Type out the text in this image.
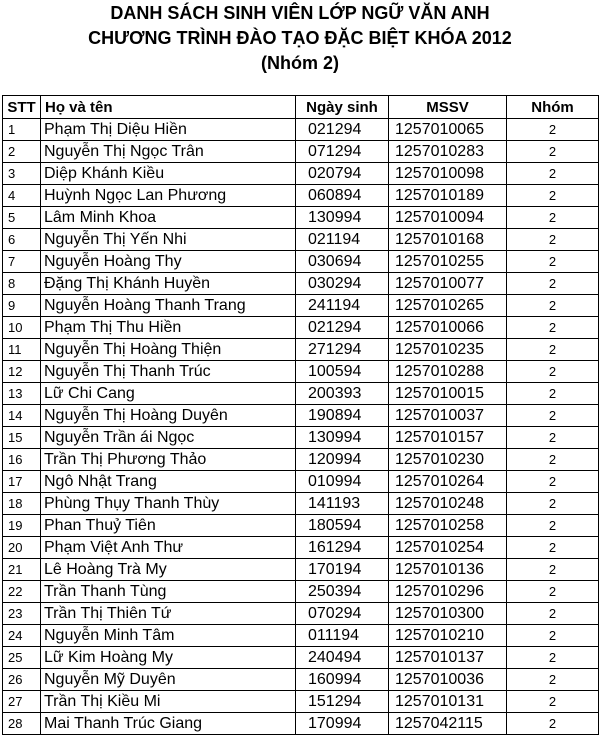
DANH SÁCH SINH VIÊN LỚP NGỮ VĂN ANH
CHƯƠNG TRÌNH ĐÀO TẠO ĐẶC BIỆT KHÓA 2012
(Nhóm 2)
STT	Họ và tên	Ngày sinh	MSSV	Nhóm
1	Phạm Thị Diệu Hiền	021294	1257010065	2
2	Nguyễn Thị Ngọc Trân	071294	1257010283	2
3	Diệp Khánh Kiều	020794	1257010098	2
4	Huỳnh Ngọc Lan Phương	060894	1257010189	2
5	Lâm Minh Khoa	130994	1257010094	2
6	Nguyễn Thị Yến Nhi	021194	1257010168	2
7	Nguyễn Hoàng Thy	030694	1257010255	2
8	Đặng Thị Khánh Huyền	030294	1257010077	2
9	Nguyễn Hoàng Thanh Trang	241194	1257010265	2
10	Phạm Thị Thu Hiền	021294	1257010066	2
11	Nguyễn Thị Hoàng Thiện	271294	1257010235	2
12	Nguyễn Thị Thanh Trúc	100594	1257010288	2
13	Lữ Chi Cang	200393	1257010015	2
14	Nguyễn Thị Hoàng Duyên	190894	1257010037	2
15	Nguyễn Trần ái Ngọc	130994	1257010157	2
16	Trần Thị Phương Thảo	120994	1257010230	2
17	Ngô Nhật Trang	010994	1257010264	2
18	Phùng Thụy Thanh Thùy	141193	1257010248	2
19	Phan Thuỷ Tiên	180594	1257010258	2
20	Phạm Việt Anh Thư	161294	1257010254	2
21	Lê Hoàng Trà My	170194	1257010136	2
22	Trần Thanh Tùng	250394	1257010296	2
23	Trần Thị Thiên Tứ	070294	1257010300	2
24	Nguyễn Minh Tâm	011194	1257010210	2
25	Lữ Kim Hoàng My	240494	1257010137	2
26	Nguyễn Mỹ Duyên	160994	1257010036	2
27	Trần Thị Kiều Mi	151294	1257010131	2
28	Mai Thanh Trúc Giang	170994	1257042115	2
